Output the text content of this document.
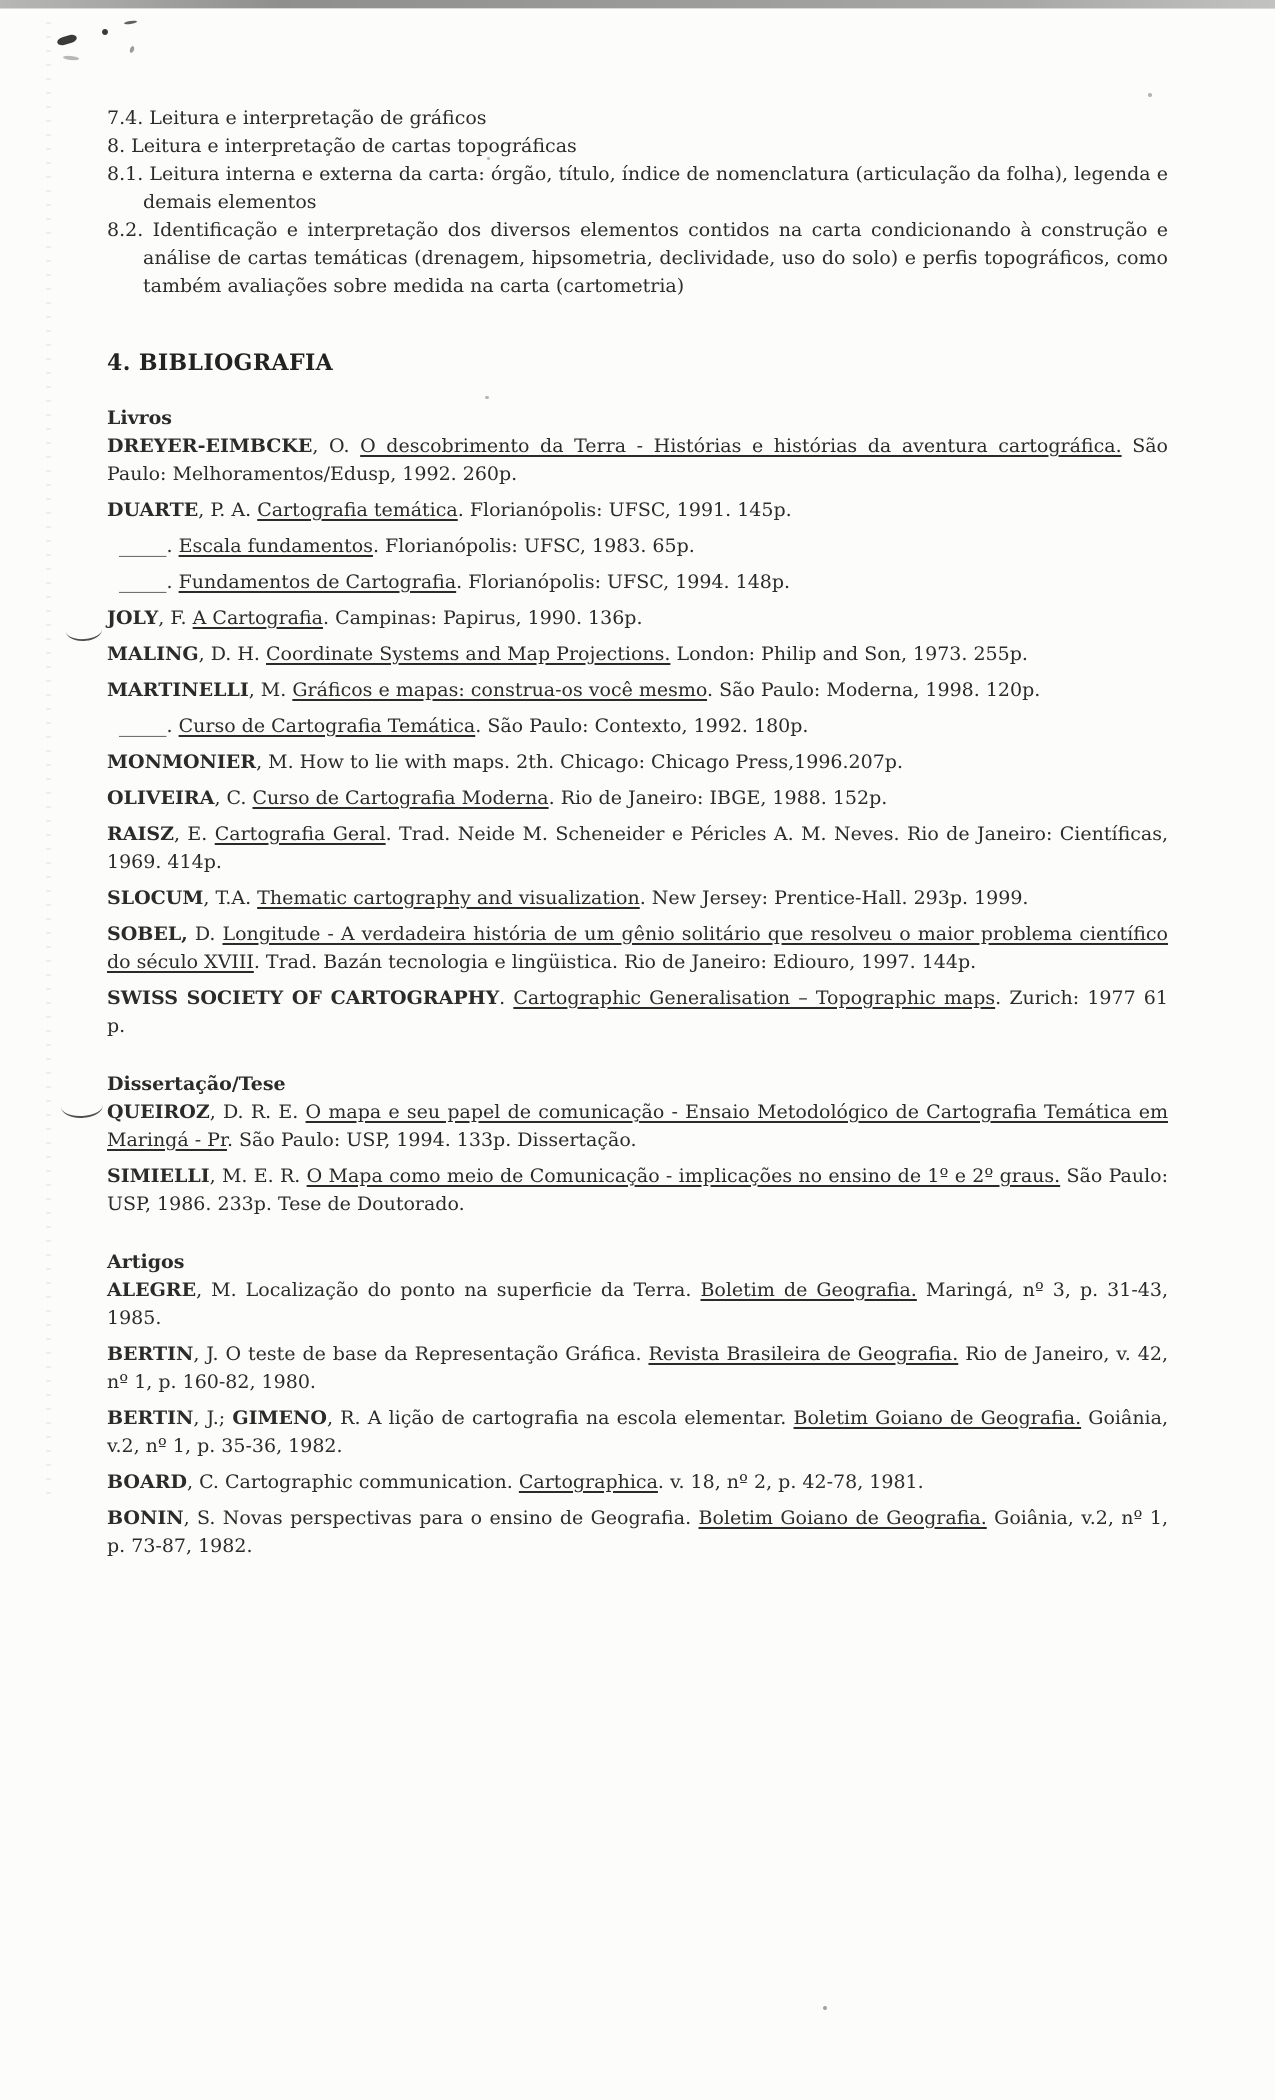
7.4. Leitura e interpretação de gráficos

8. Leitura e interpretação de cartas topográficas

8.1. Leitura interna e externa da carta: órgão, título, índice de nomenclatura (articulação da folha), legenda e demais elementos

8.2. Identificação e interpretação dos diversos elementos contidos na carta condicionando à construção e análise de cartas temáticas (drenagem, hipsometria, declividade, uso do solo) e perfis topográficos, como também avaliações sobre medida na carta (cartometria)

4. BIBLIOGRAFIA

Livros

DREYER-EIMBCKE, O. O descobrimento da Terra - Histórias e histórias da aventura cartográfica. São Paulo: Melhoramentos/Edusp, 1992. 260p.

DUARTE, P. A. Cartografia temática. Florianópolis: UFSC, 1991. 145p.

_____. Escala fundamentos. Florianópolis: UFSC, 1983. 65p.

_____. Fundamentos de Cartografia. Florianópolis: UFSC, 1994. 148p.

JOLY, F. A Cartografia. Campinas: Papirus, 1990. 136p.

MALING, D. H. Coordinate Systems and Map Projections. London: Philip and Son, 1973. 255p.

MARTINELLI, M. Gráficos e mapas: construa-os você mesmo. São Paulo: Moderna, 1998. 120p.

_____. Curso de Cartografia Temática. São Paulo: Contexto, 1992. 180p.

MONMONIER, M. How to lie with maps. 2th. Chicago: Chicago Press,1996.207p.

OLIVEIRA, C. Curso de Cartografia Moderna. Rio de Janeiro: IBGE, 1988. 152p.

RAISZ, E. Cartografia Geral. Trad. Neide M. Scheneider e Péricles A. M. Neves. Rio de Janeiro: Científicas, 1969. 414p.

SLOCUM, T.A. Thematic cartography and visualization. New Jersey: Prentice-Hall. 293p. 1999.

SOBEL, D. Longitude - A verdadeira história de um gênio solitário que resolveu o maior problema científico do século XVIII. Trad. Bazán tecnologia e lingüistica. Rio de Janeiro: Ediouro, 1997. 144p.

SWISS SOCIETY OF CARTOGRAPHY. Cartographic Generalisation – Topographic maps. Zurich: 1977 61 p.

Dissertação/Tese

QUEIROZ, D. R. E. O mapa e seu papel de comunicação - Ensaio Metodológico de Cartografia Temática em Maringá - Pr. São Paulo: USP, 1994. 133p. Dissertação.

SIMIELLI, M. E. R. O Mapa como meio de Comunicação - implicações no ensino de 1º e 2º graus. São Paulo: USP, 1986. 233p. Tese de Doutorado.

Artigos

ALEGRE, M. Localização do ponto na superficie da Terra. Boletim de Geografia. Maringá, nº 3, p. 31-43, 1985.

BERTIN, J. O teste de base da Representação Gráfica. Revista Brasileira de Geografia. Rio de Janeiro, v. 42, nº 1, p. 160-82, 1980.

BERTIN, J.; GIMENO, R. A lição de cartografia na escola elementar. Boletim Goiano de Geografia. Goiânia, v.2, nº 1, p. 35-36, 1982.

BOARD, C. Cartographic communication. Cartographica. v. 18, nº 2, p. 42-78, 1981.

BONIN, S. Novas perspectivas para o ensino de Geografia. Boletim Goiano de Geografia. Goiânia, v.2, nº 1, p. 73-87, 1982.
